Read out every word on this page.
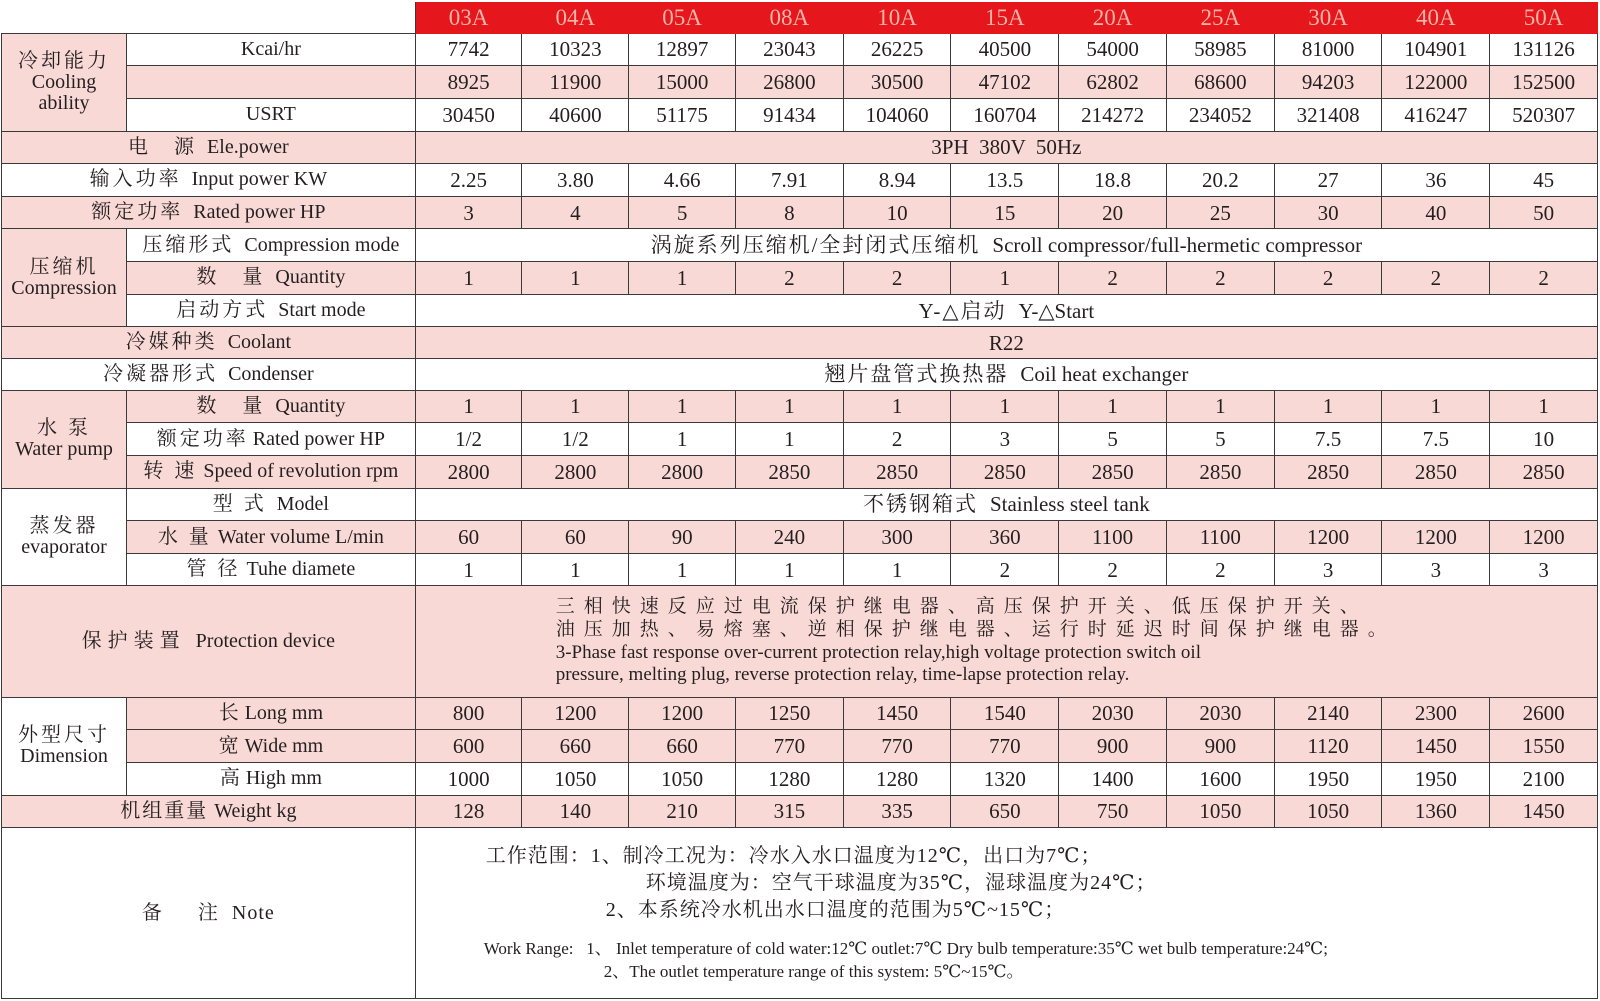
		03A	04A	05A	08A	10A	15A	20A	25A	30A	40A	50A

冷却能力
Cooling ability	Kcai/hr	7742	10323	12897	23043	26225	40500	54000	58985	81000	104901	131126
		8925	11900	15000	26800	30500	47102	62802	68600	94203	122000	152500
	USRT	30450	40600	51175	91434	104060	160704	214272	234052	321408	416247	520307
电　源 Ele.power		3PH  380V  50Hz										
输入功率 Input power KW		2.25	3.80	4.66	7.91	8.94	13.5	18.8	20.2	27	36	45
额定功率 Rated power HP		3	4	5	8	10	15	20	25	30	40	50

压缩机
Compression	压缩形式 Compression mode	涡旋系列压缩机/全封闭式压缩机 Scroll compressor/full-hermetic compressor										
	数　量 Quantity	1	1	1	2	2	1	2	2	2	2	2
	启动方式 Start mode	Y-△启动 Y-△Start										
冷媒种类 Coolant		R22										
冷凝器形式 Condenser		翘片盘管式换热器 Coil heat exchanger										

水 泵
Water pump	数　量 Quantity	1	1	1	1	1	1	1	1	1	1	1
	额定功率 Rated power HP	1/2	1/2	1	1	2	3	5	5	7.5	7.5	10
	转 速 Speed of revolution rpm	2800	2800	2800	2850	2850	2850	2850	2850	2850	2850	2850

蒸发器
evaporator	型 式 Model	不锈钢箱式 Stainless steel tank										
	水 量 Water volume L/min	60	60	90	240	300	360	1100	1100	1200	1200	1200
	管 径 Tuhe diamete	1	1	1	1	1	2	2	2	3	3	3
保护装置 Protection device		三相快速反应过电流保护继电器、高压保护开关、低压保护开关、
油压加热、易熔塞、逆相保护继电器、运行时延迟时间保护继电器。
3-Phase fast response over-current protection relay,high voltage protection switch oil
pressure, melting plug, reverse protection relay, time-lapse protection relay.										

外型尺寸
Dimension	长 Long mm	800	1200	1200	1250	1450	1540	2030	2030	2140	2300	2600
	宽 Wide mm	600	660	660	770	770	770	900	900	1120	1450	1550
	高 High mm	1000	1050	1050	1280	1280	1320	1400	1600	1950	1950	2100
机组重量 Weight kg		128	140	210	315	335	650	750	1050	1050	1360	1450
备　注 Note		工作范围：1、制冷工况为：冷水入水口温度为12℃，出口为7℃；
环境温度为：空气干球温度为35℃，湿球温度为24℃；
2、本系统冷水机出水口温度的范围为5℃~15℃；
Work Range:   1、 Inlet temperature of cold water:12℃ outlet:7℃ Dry bulb temperature:35℃ wet bulb temperature:24℃;
2、The outlet temperature range of this system: 5℃~15℃。										
